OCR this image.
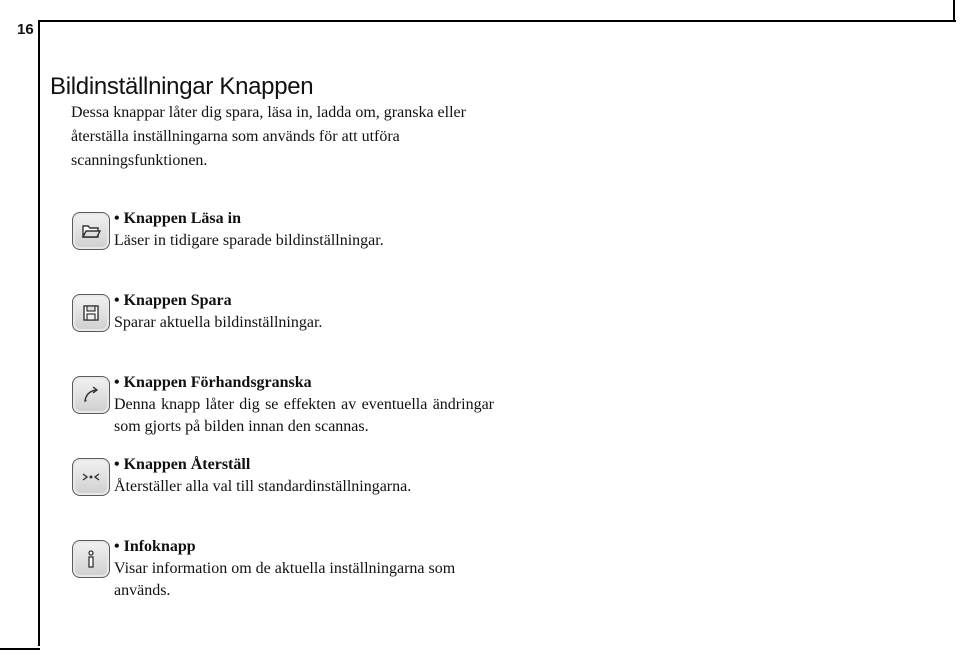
16
Bildinställningar Knappen

Dessa knappar låter dig spara, läsa in, ladda om, granska eller återställa inställningarna som används för att utföra scanningsfunktionen.

• Knappen Läsa in

Läser in tidigare sparade bildinställningar.

• Knappen Spara

Sparar aktuella bildinställningar.

• Knappen Förhandsgranska

Denna knapp låter dig se effekten av eventuella ändringar som gjorts på bilden innan den scannas.

• Knappen Återställ

Återställer alla val till standardinställningarna.

• Infoknapp

Visar information om de aktuella inställningarna som används.
